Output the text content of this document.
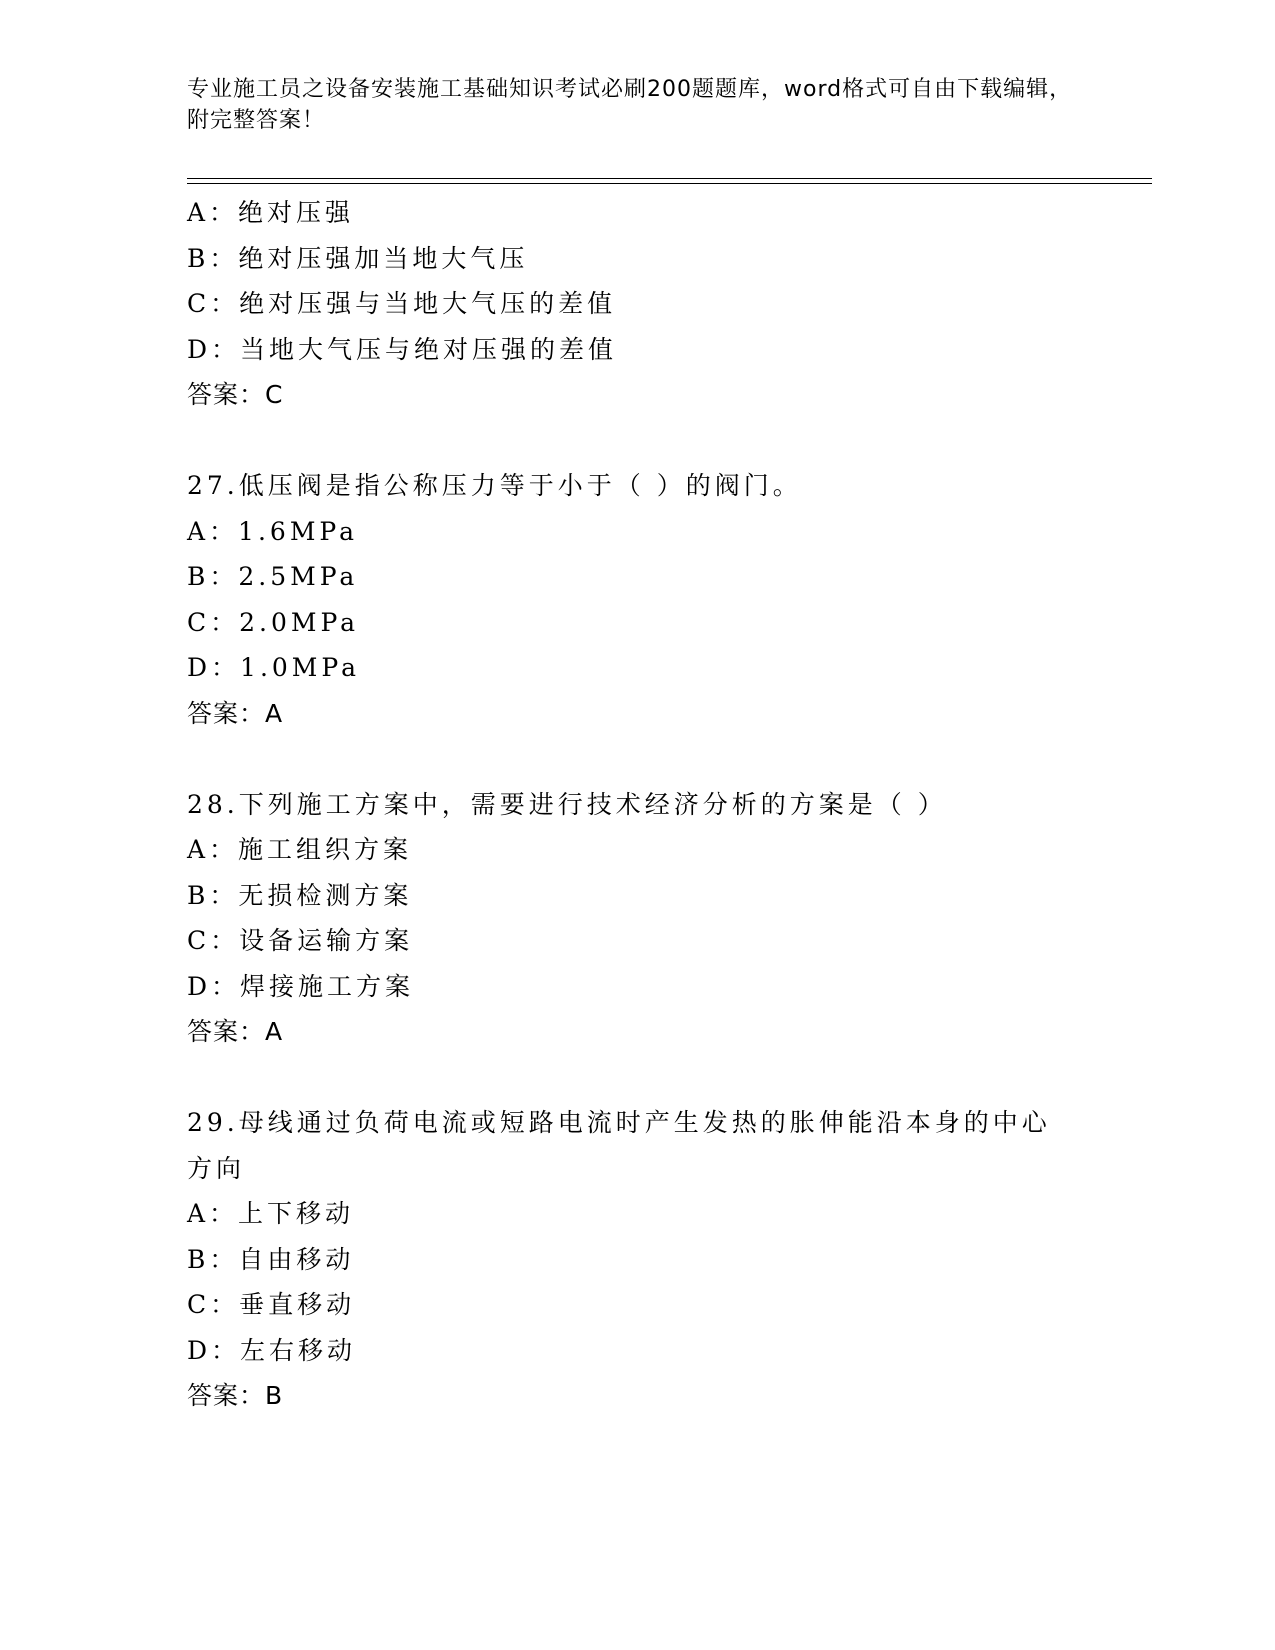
专业施工员之设备安装施工基础知识考试必刷200题题库，word格式可自由下载编辑，附完整答案！
A：绝对压强
B：绝对压强加当地大气压
C：绝对压强与当地大气压的差值
D：当地大气压与绝对压强的差值
答案：C
27.低压阀是指公称压力等于小于（ ）的阀门。
A：1.6MPa
B：2.5MPa
C：2.0MPa
D：1.0MPa
答案：A
28.下列施工方案中，需要进行技术经济分析的方案是（ ）
A：施工组织方案
B：无损检测方案
C：设备运输方案
D：焊接施工方案
答案：A
29.母线通过负荷电流或短路电流时产生发热的胀伸能沿本身的中心方向
A：上下移动
B：自由移动
C：垂直移动
D：左右移动
答案：B
